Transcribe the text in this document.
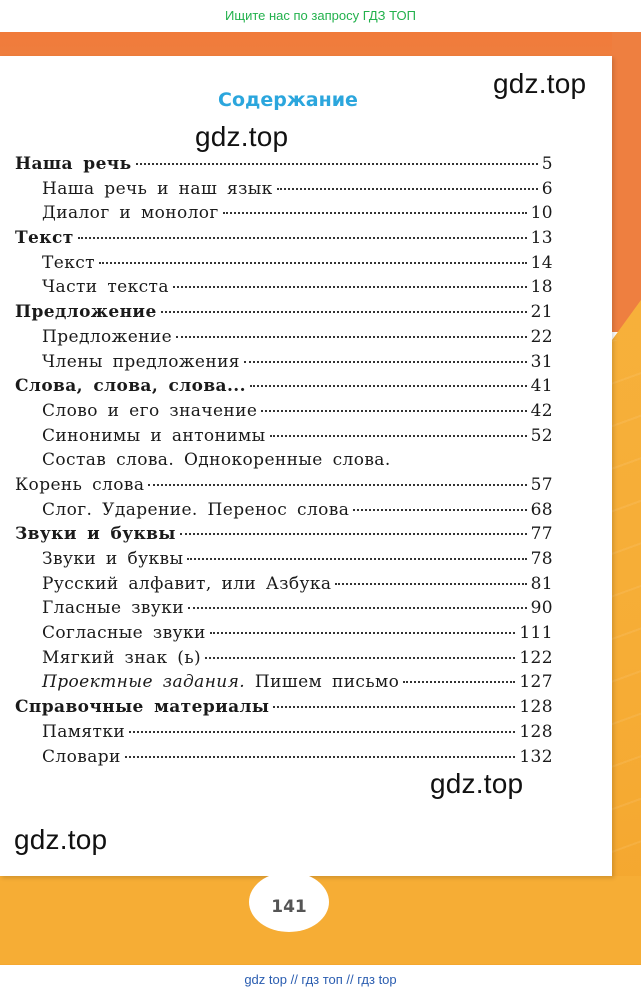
Ищите нас по запросу ГДЗ ТОП
Содержание
gdz.top
gdz.top
gdz.top
gdz.top
Наша речь	5
Наша речь и наш язык	6
Диалог и монолог	10
Текст	13
Текст	14
Части текста	18
Предложение	21
Предложение	22
Члены предложения	31
Слова, слова, слова...	41
Слово и его значение	42
Синонимы и антонимы	52
Состав слова. Однокоренные слова.
Корень слова	57
Слог. Ударение. Перенос слова	68
Звуки и буквы	77
Звуки и буквы	78
Русский алфавит, или Азбука	81
Гласные звуки	90
Согласные звуки	111
Мягкий знак (ь)	122
Проектные задания. Пишем письмо	127
Справочные материалы	128
Памятки	128
Словари	132
141
gdz top // гдз топ // гдз top
